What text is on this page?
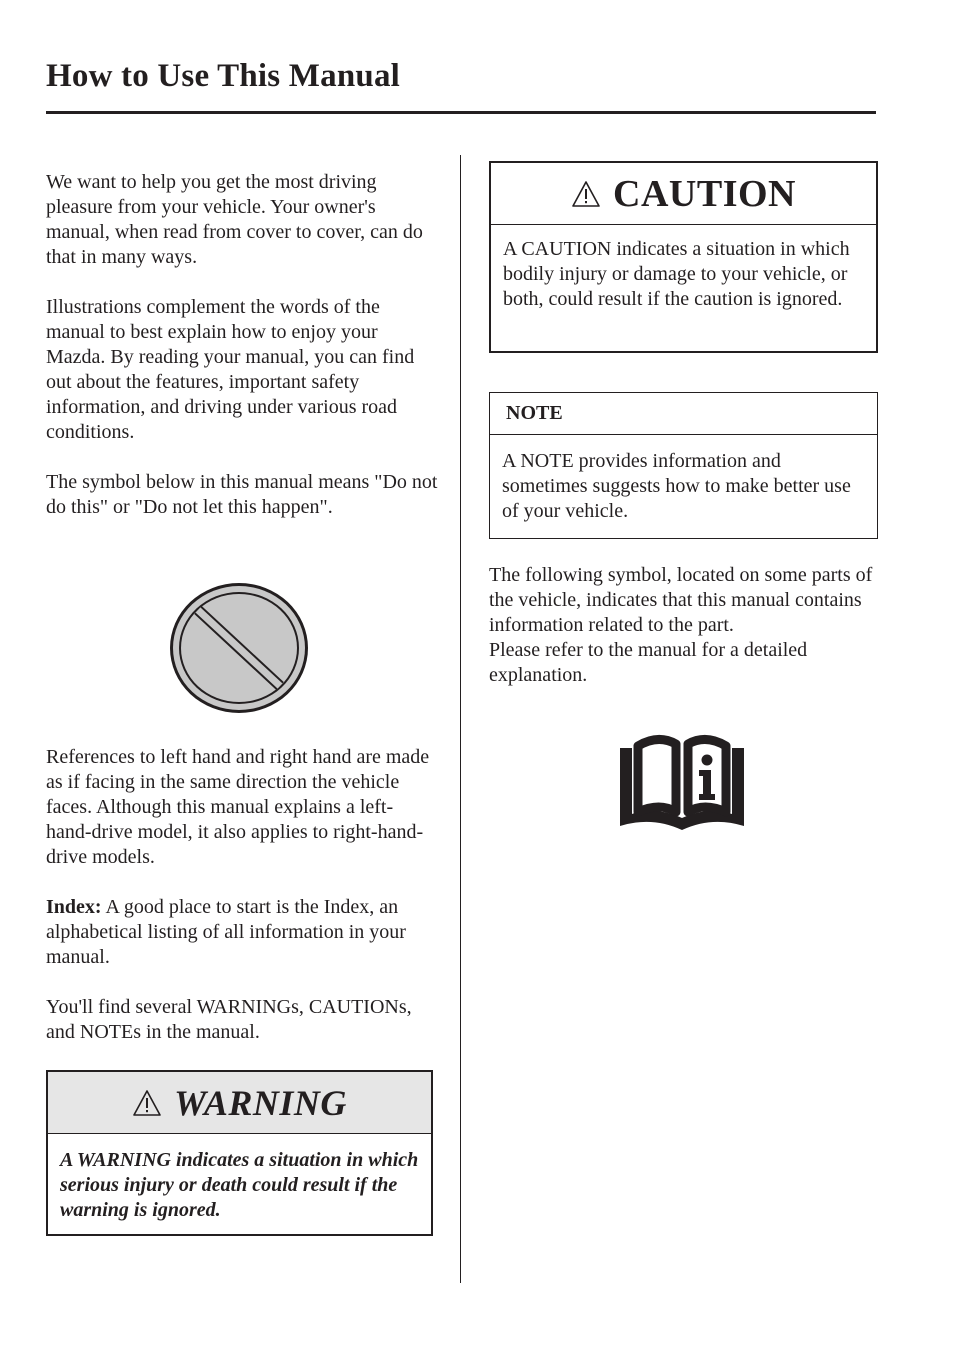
How to Use This Manual

We want to help you get the most driving pleasure from your vehicle. Your owner's manual, when read from cover to cover, can do that in many ways.

Illustrations complement the words of the manual to best explain how to enjoy your Mazda. By reading your manual, you can find out about the features, important safety information, and driving under various road conditions.

The symbol below in this manual means "Do not do this" or "Do not let this happen".

References to left hand and right hand are made as if facing in the same direction the vehicle faces. Although this manual explains a left-hand-drive model, it also applies to right-hand-drive models.

Index: A good place to start is the Index, an alphabetical listing of all information in your manual.

You'll find several WARNINGs, CAUTIONs, and NOTEs in the manual.

WARNING
A WARNING indicates a situation in which serious injury or death could result if the warning is ignored.
CAUTION
A CAUTION indicates a situation in which bodily injury or damage to your vehicle, or both, could result if the caution is ignored.
NOTE
A NOTE provides information and sometimes suggests how to make better use of your vehicle.

The following symbol, located on some parts of the vehicle, indicates that this manual contains information related to the part.

Please refer to the manual for a detailed explanation.
